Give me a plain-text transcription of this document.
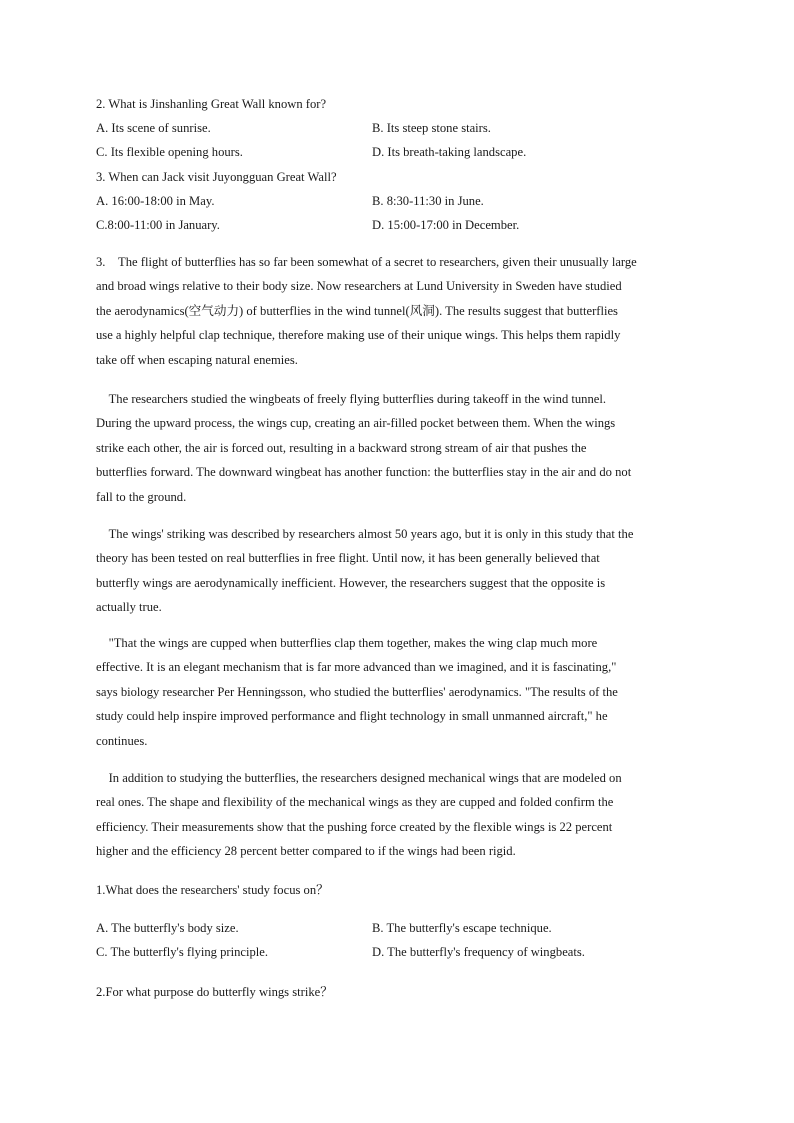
2. What is Jinshanling Great Wall known for?
A. Its scene of sunrise.	B. Its steep stone stairs.
C. Its flexible opening hours.	D. Its breath-taking landscape.
3. When can Jack visit Juyongguan Great Wall?
A. 16:00-18:00 in May.	B. 8:30-11:30 in June.
C.8:00-11:00 in January.	D. 15:00-17:00 in December.
3.    The flight of butterflies has so far been somewhat of a secret to researchers, given their unusually large
and broad wings relative to their body size. Now researchers at Lund University in Sweden have studied
the aerodynamics(空气动力) of butterflies in the wind tunnel(风洞). The results suggest that butterflies
use a highly helpful clap technique, therefore making use of their unique wings. This helps them rapidly
take off when escaping natural enemies.
The researchers studied the wingbeats of freely flying butterflies during takeoff in the wind tunnel.
During the upward process, the wings cup, creating an air-filled pocket between them. When the wings
strike each other, the air is forced out, resulting in a backward strong stream of air that pushes the
butterflies forward. The downward wingbeat has another function: the butterflies stay in the air and do not
fall to the ground.
The wings' striking was described by researchers almost 50 years ago, but it is only in this study that the
theory has been tested on real butterflies in free flight. Until now, it has been generally believed that
butterfly wings are aerodynamically inefficient. However, the researchers suggest that the opposite is
actually true.
"That the wings are cupped when butterflies clap them together, makes the wing clap much more
effective. It is an elegant mechanism that is far more advanced than we imagined, and it is fascinating,"
says biology researcher Per Henningsson, who studied the butterflies' aerodynamics. "The results of the
study could help inspire improved performance and flight technology in small unmanned aircraft," he
continues.
In addition to studying the butterflies, the researchers designed mechanical wings that are modeled on
real ones. The shape and flexibility of the mechanical wings as they are cupped and folded confirm the
efficiency. Their measurements show that the pushing force created by the flexible wings is 22 percent
higher and the efficiency 28 percent better compared to if the wings had been rigid.
1.What does the researchers' study focus on？
A. The butterfly's body size.	B. The butterfly's escape technique.
C. The butterfly's flying principle.	D. The butterfly's frequency of wingbeats.
2.For what purpose do butterfly wings strike？
